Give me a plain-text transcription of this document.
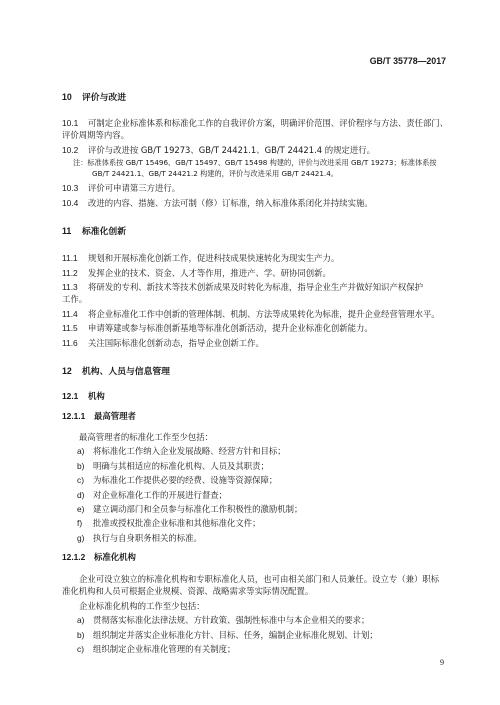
GB/T 35778—2017
10 评价与改进
10.1 可制定企业标准体系和标准化工作的自我评价方案，明确评价范围、评价程序与方法、责任部门、
评价周期等内容。
10.2 评价与改进按 GB/T 19273、GB/T 24421.1、GB/T 24421.4 的规定进行。
注：标准体系按 GB/T 15496、GB/T 15497、GB/T 15498 构建的，评价与改进采用 GB/T 19273；标准体系按
GB/T 24421.1、GB/T 24421.2 构建的，评价与改进采用 GB/T 24421.4。
10.3 评价可申请第三方进行。
10.4 改进的内容、措施、方法可制（修）订标准，纳入标准体系闭化并持续实施。
11 标准化创新
11.1 规划和开展标准化创新工作，促进科技成果快速转化为现实生产力。
11.2 发挥企业的技术、资金、人才等作用，推进产、学、研协同创新。
11.3 将研发的专利、新技术等技术创新成果及时转化为标准，指导企业生产并做好知识产权保护
工作。
11.4 将企业标准化工作中创新的管理体制、机制、方法等成果转化为标准，提升企业经营管理水平。
11.5 申请筹建或参与标准创新基地等标准化创新活动，提升企业标准化创新能力。
11.6 关注国际标准化创新动态，指导企业创新工作。
12 机构、人员与信息管理
12.1 机构
12.1.1 最高管理者
最高管理者的标准化工作至少包括：
a) 将标准化工作纳入企业发展战略、经营方针和目标；
b) 明确与其相适应的标准化机构、人员及其职责；
c) 为标准化工作提供必要的经费、设施等资源保障；
d) 对企业标准化工作的开展进行督查；
e) 建立调动部门和全员参与标准化工作积极性的激励机制；
f) 批准或授权批准企业标准和其他标准化文件；
g) 执行与自身职务相关的标准。
12.1.2 标准化机构
企业可设立独立的标准化机构和专职标准化人员，也可由相关部门和人员兼任。设立专（兼）职标
准化机构和人员可根据企业规模、资源、战略需求等实际情况配置。
企业标准化机构的工作至少包括：
a) 贯彻落实标准化法律法规、方针政策、强制性标准中与本企业相关的要求；
b) 组织制定并落实企业标准化方针、目标、任务，编制企业标准化规划、计划；
c) 组织制定企业标准化管理的有关制度；
9
